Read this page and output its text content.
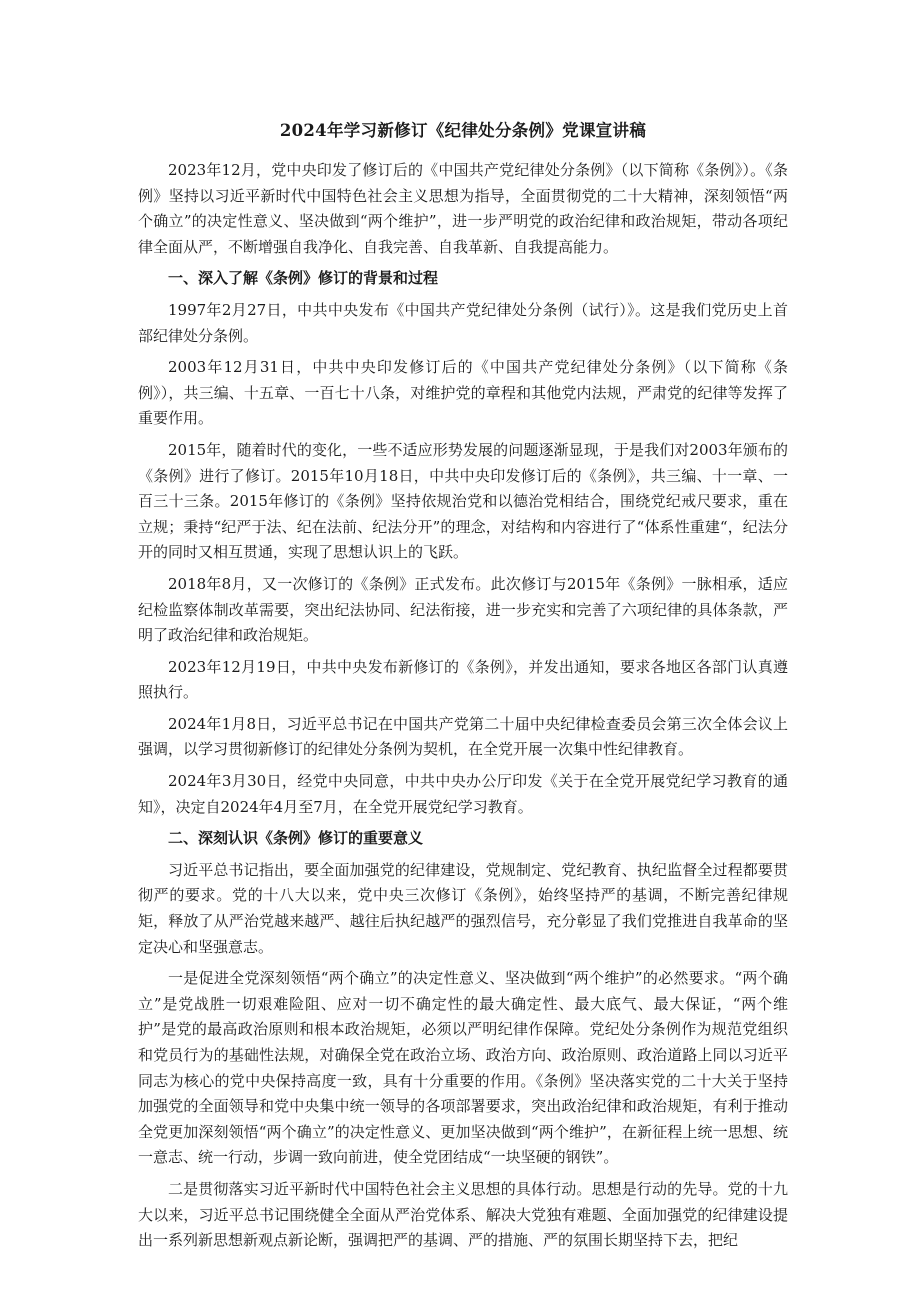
2024年学习新修订《纪律处分条例》党课宣讲稿
2023年12月，党中央印发了修订后的《中国共产党纪律处分条例》（以下简称《条例》）。《条例》坚持以习近平新时代中国特色社会主义思想为指导，全面贯彻党的二十大精神，深刻领悟“两个确立”的决定性意义、坚决做到“两个维护”，进一步严明党的政治纪律和政治规矩，带动各项纪律全面从严，不断增强自我净化、自我完善、自我革新、自我提高能力。
一、深入了解《条例》修订的背景和过程
1997年2月27日，中共中央发布《中国共产党纪律处分条例（试行）》。这是我们党历史上首部纪律处分条例。
2003年12月31日，中共中央印发修订后的《中国共产党纪律处分条例》（以下简称《条例》），共三编、十五章、一百七十八条，对维护党的章程和其他党内法规，严肃党的纪律等发挥了重要作用。
2015年，随着时代的变化，一些不适应形势发展的问题逐渐显现，于是我们对2003年颁布的《条例》进行了修订。2015年10月18日，中共中央印发修订后的《条例》，共三编、十一章、一百三十三条。2015年修订的《条例》坚持依规治党和以德治党相结合，围绕党纪戒尺要求，重在立规；秉持“纪严于法、纪在法前、纪法分开”的理念，对结构和内容进行了“体系性重建“，纪法分开的同时又相互贯通，实现了思想认识上的飞跃。
2018年8月，又一次修订的《条例》正式发布。此次修订与2015年《条例》一脉相承，适应纪检监察体制改革需要，突出纪法协同、纪法衔接，进一步充实和完善了六项纪律的具体条款，严明了政治纪律和政治规矩。
2023年12月19日，中共中央发布新修订的《条例》，并发出通知，要求各地区各部门认真遵照执行。
2024年1月8日，习近平总书记在中国共产党第二十届中央纪律检查委员会第三次全体会议上强调，以学习贯彻新修订的纪律处分条例为契机，在全党开展一次集中性纪律教育。
2024年3月30日，经党中央同意，中共中央办公厅印发《关于在全党开展党纪学习教育的通知》，决定自2024年4月至7月，在全党开展党纪学习教育。
二、深刻认识《条例》修订的重要意义
习近平总书记指出，要全面加强党的纪律建设，党规制定、党纪教育、执纪监督全过程都要贯彻严的要求。党的十八大以来，党中央三次修订《条例》，始终坚持严的基调，不断完善纪律规矩，释放了从严治党越来越严、越往后执纪越严的强烈信号，充分彰显了我们党推进自我革命的坚定决心和坚强意志。
一是促进全党深刻领悟“两个确立”的决定性意义、坚决做到“两个维护”的必然要求。“两个确立”是党战胜一切艰难险阻、应对一切不确定性的最大确定性、最大底气、最大保证，“两个维护”是党的最高政治原则和根本政治规矩，必须以严明纪律作保障。党纪处分条例作为规范党组织和党员行为的基础性法规，对确保全党在政治立场、政治方向、政治原则、政治道路上同以习近平同志为核心的党中央保持高度一致，具有十分重要的作用。《条例》坚决落实党的二十大关于坚持加强党的全面领导和党中央集中统一领导的各项部署要求，突出政治纪律和政治规矩，有利于推动全党更加深刻领悟“两个确立”的决定性意义、更加坚决做到“两个维护”，在新征程上统一思想、统一意志、统一行动，步调一致向前进，使全党团结成“一块坚硬的钢铁”。
二是贯彻落实习近平新时代中国特色社会主义思想的具体行动。思想是行动的先导。党的十九大以来，习近平总书记围绕健全全面从严治党体系、解决大党独有难题、全面加强党的纪律建设提出一系列新思想新观点新论断，强调把严的基调、严的措施、严的氛围长期坚持下去，把纪
